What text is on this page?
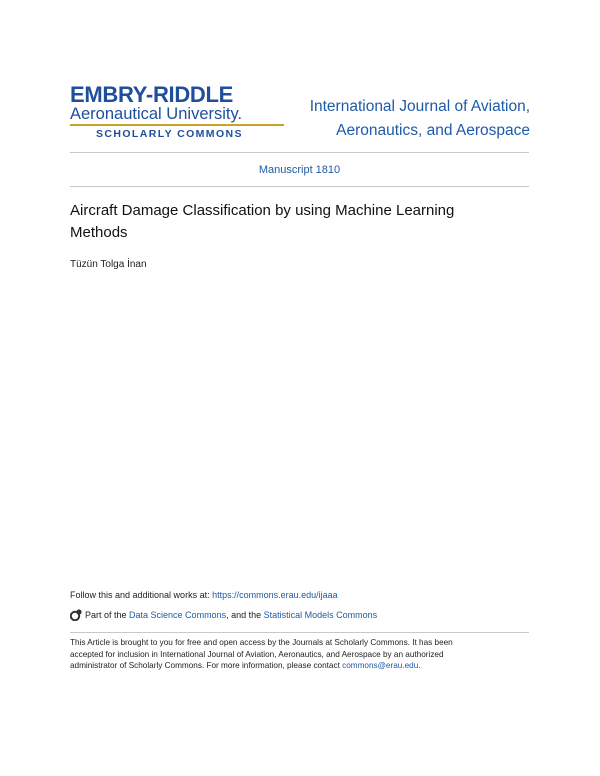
EMBRY-RIDDLE
Aeronautical University.
SCHOLARLY COMMONS
International Journal of Aviation,
Aeronautics, and Aerospace
Manuscript 1810
Aircraft Damage Classification by using Machine Learning
Methods
Tüzün Tolga İnan
Follow this and additional works at: https://commons.erau.edu/ijaaa
Part of the Data Science Commons, and the Statistical Models Commons
This Article is brought to you for free and open access by the Journals at Scholarly Commons. It has been
accepted for inclusion in International Journal of Aviation, Aeronautics, and Aerospace by an authorized
administrator of Scholarly Commons. For more information, please contact commons@erau.edu.
